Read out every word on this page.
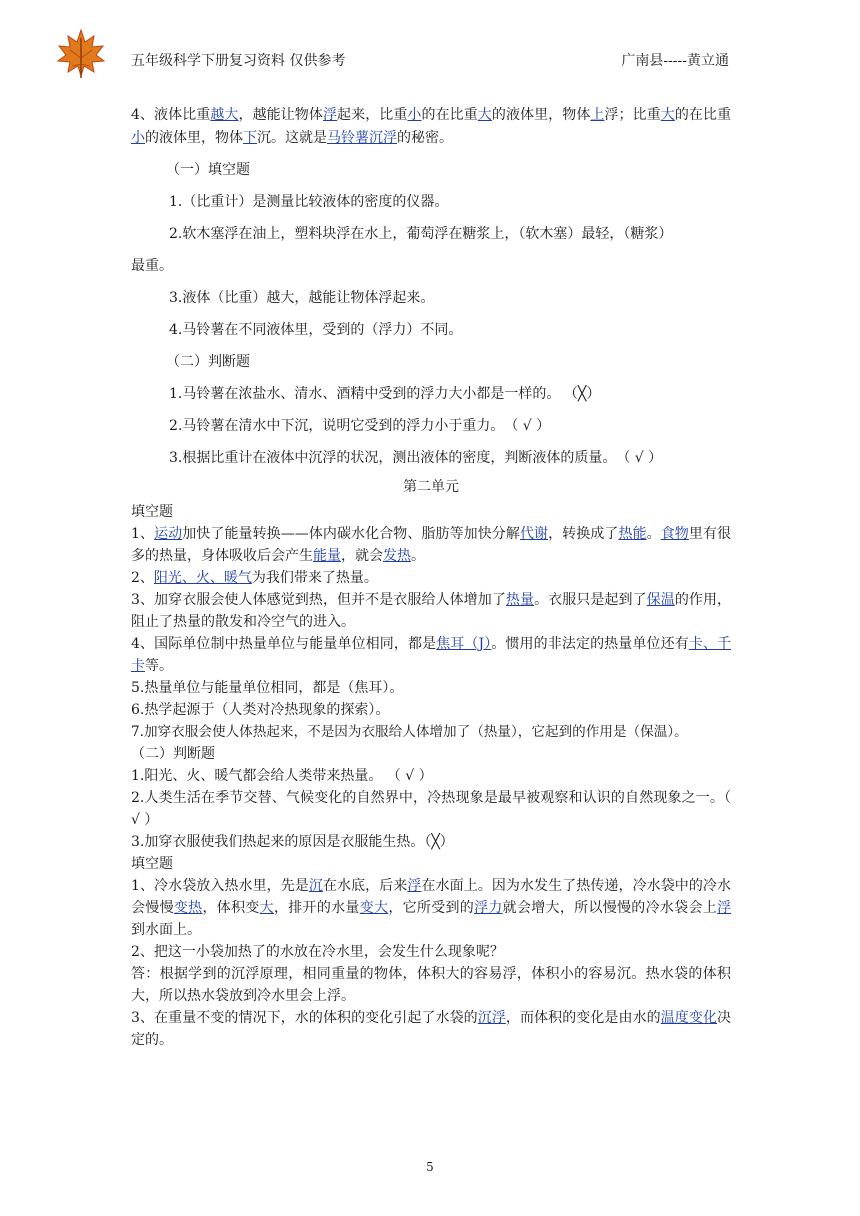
五年级科学下册复习资料 仅供参考	广南县-----黄立通

4、液体比重越大，越能让物体浮起来，比重小的在比重大的液体里，物体上浮；比重大的在比重小的液体里，物体下沉。这就是马铃薯沉浮的秘密。

（一）填空题

1.（比重计）是测量比较液体的密度的仪器。

2.软木塞浮在油上，塑料块浮在水上，葡萄浮在糖浆上，（软木塞）最轻，（糖浆）

最重。

3.液体（比重）越大，越能让物体浮起来。

4.马铃薯在不同液体里，受到的（浮力）不同。

（二）判断题

1.马铃薯在浓盐水、清水、酒精中受到的浮力大小都是一样的。 （╳）

2.马铃薯在清水中下沉，说明它受到的浮力小于重力。（ √ ）

3.根据比重计在液体中沉浮的状况，测出液体的密度，判断液体的质量。（ √ ）

第二单元

填空题

1、运动加快了能量转换——体内碳水化合物、脂肪等加快分解代谢，转换成了热能。食物里有很多的热量，身体吸收后会产生能量，就会发热。

2、阳光、火、暖气为我们带来了热量。

3、加穿衣服会使人体感觉到热，但并不是衣服给人体增加了热量。衣服只是起到了保温的作用，阻止了热量的散发和冷空气的进入。

4、国际单位制中热量单位与能量单位相同，都是焦耳（J）。惯用的非法定的热量单位还有卡、千卡等。

5.热量单位与能量单位相同，都是（焦耳）。

6.热学起源于（人类对冷热现象的探索）。

7.加穿衣服会使人体热起来，不是因为衣服给人体增加了（热量），它起到的作用是（保温）。

（二）判断题

1.阳光、火、暖气都会给人类带来热量。 （ √ ）

2.人类生活在季节交替、气候变化的自然界中，冷热现象是最早被观察和认识的自然现象之一。（ √ ）

3.加穿衣服使我们热起来的原因是衣服能生热。（╳）

填空题

1、冷水袋放入热水里，先是沉在水底，后来浮在水面上。因为水发生了热传递，冷水袋中的冷水会慢慢变热，体积变大，排开的水量变大，它所受到的浮力就会增大，所以慢慢的冷水袋会上浮到水面上。

2、把这一小袋加热了的水放在冷水里，会发生什么现象呢？

答：根据学到的沉浮原理，相同重量的物体，体积大的容易浮，体积小的容易沉。热水袋的体积大，所以热水袋放到冷水里会上浮。

3、在重量不变的情况下，水的体积的变化引起了水袋的沉浮，而体积的变化是由水的温度变化决定的。

5
